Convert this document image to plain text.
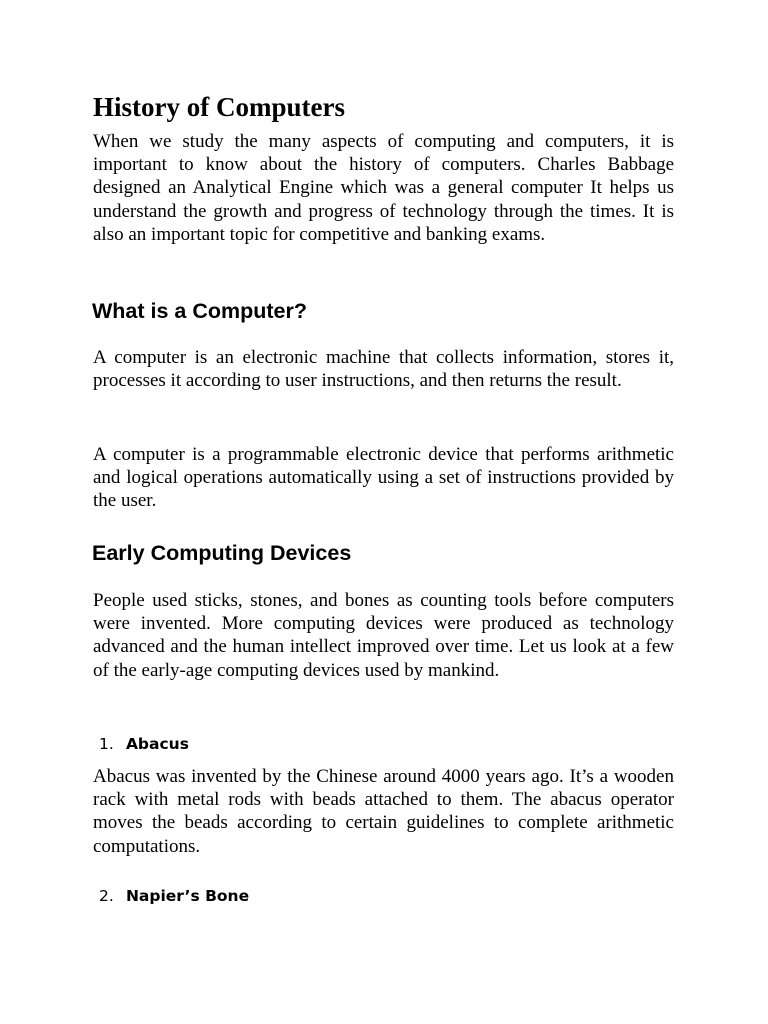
History of Computers

When we study the many aspects of computing and computers, it is important to know about the history of computers. Charles Babbage designed an Analytical Engine which was a general computer It helps us understand the growth and progress of technology through the times. It is also an important topic for competitive and banking exams.

What is a Computer?

A computer is an electronic machine that collects information, stores it, processes it according to user instructions, and then returns the result.

A computer is a programmable electronic device that performs arithmetic and logical operations automatically using a set of instructions provided by the user.

Early Computing Devices

People used sticks, stones, and bones as counting tools before computers were invented. More computing devices were produced as technology advanced and the human intellect improved over time. Let us look at a few of the early-age computing devices used by mankind.

1. Abacus

Abacus was invented by the Chinese around 4000 years ago. It’s a wooden rack with metal rods with beads attached to them. The abacus operator moves the beads according to certain guidelines to complete arithmetic computations.

2. Napier’s Bone
